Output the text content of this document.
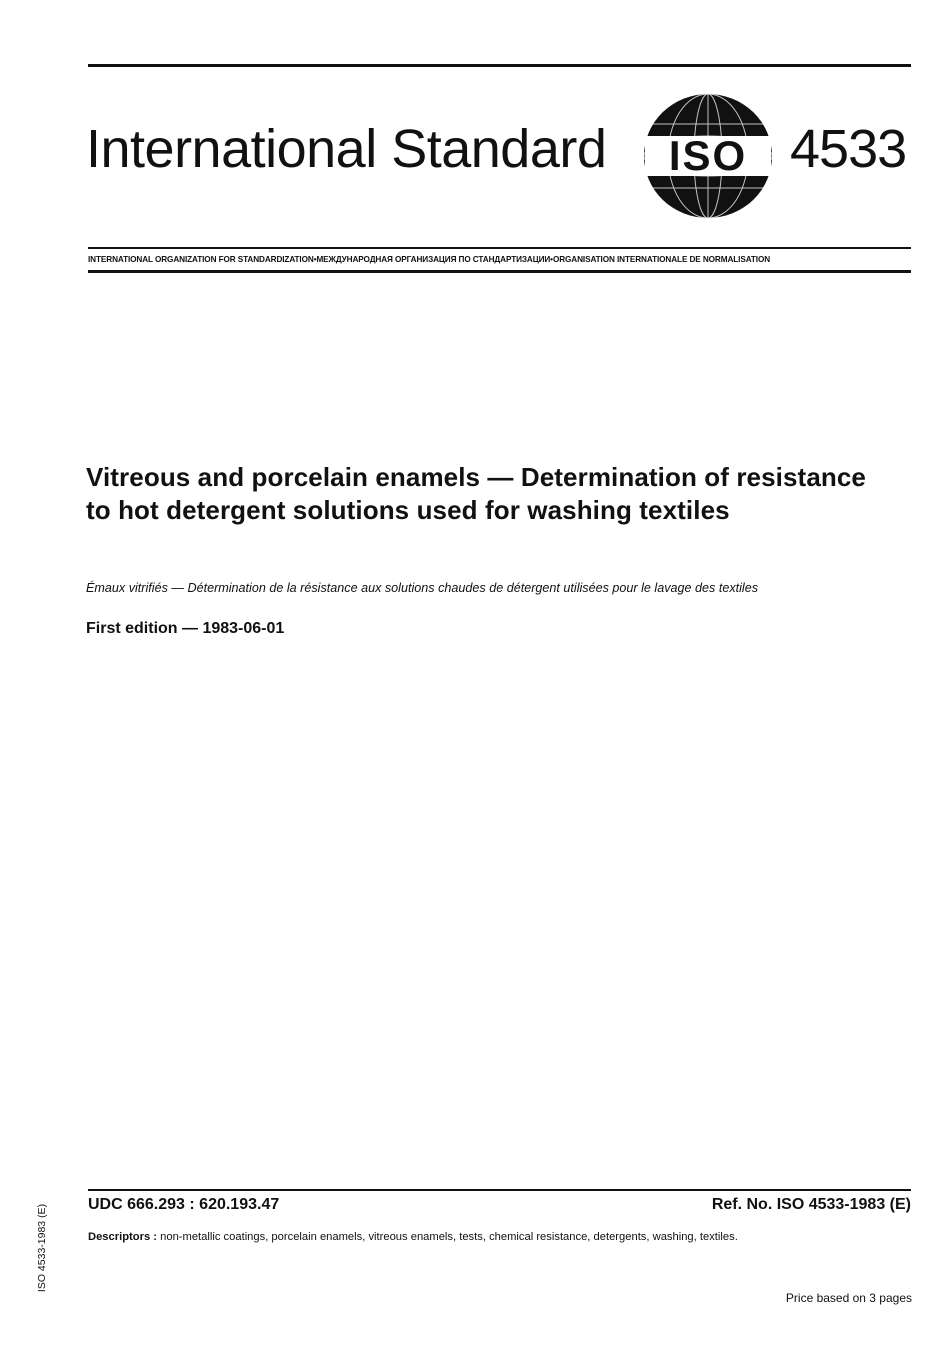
International Standard ISO 4533
INTERNATIONAL ORGANIZATION FOR STANDARDIZATION•МЕЖДУНАРОДНАЯ ОРГАНИЗАЦИЯ ПО СТАНДАРТИЗАЦИИ•ORGANISATION INTERNATIONALE DE NORMALISATION
Vitreous and porcelain enamels — Determination of resistance to hot detergent solutions used for washing textiles
Émaux vitrifiés — Détermination de la résistance aux solutions chaudes de détergent utilisées pour le lavage des textiles
First edition — 1983-06-01
UDC 666.293 : 620.193.47	Ref. No. ISO 4533-1983 (E)
Descriptors : non-metallic coatings, porcelain enamels, vitreous enamels, tests, chemical resistance, detergents, washing, textiles.
Price based on 3 pages
ISO 4533-1983 (E)
